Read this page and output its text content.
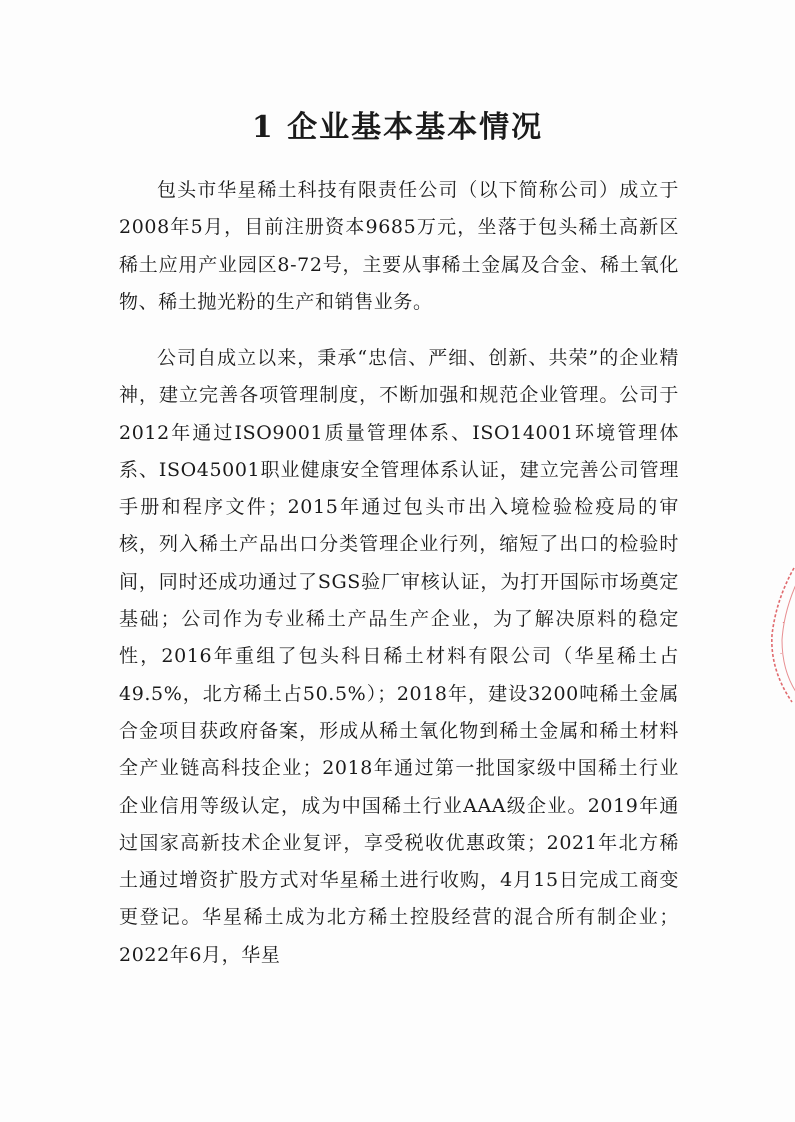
1 企业基本基本情况

包头市华星稀土科技有限责任公司（以下简称公司）成立于2008年5月，目前注册资本9685万元，坐落于包头稀土高新区稀土应用产业园区8-72号，主要从事稀土金属及合金、稀土氧化物、稀土抛光粉的生产和销售业务。

公司自成立以来，秉承“忠信、严细、创新、共荣”的企业精神，建立完善各项管理制度，不断加强和规范企业管理。公司于2012年通过ISO9001质量管理体系、ISO14001环境管理体系、ISO45001职业健康安全管理体系认证，建立完善公司管理手册和程序文件；2015年通过包头市出入境检验检疫局的审核，列入稀土产品出口分类管理企业行列，缩短了出口的检验时间，同时还成功通过了SGS验厂审核认证，为打开国际市场奠定基础；公司作为专业稀土产品生产企业，为了解决原料的稳定性，2016年重组了包头科日稀土材料有限公司（华星稀土占49.5%，北方稀土占50.5%）；2018年，建设3200吨稀土金属合金项目获政府备案，形成从稀土氧化物到稀土金属和稀土材料全产业链高科技企业；2018年通过第一批国家级中国稀土行业企业信用等级认定，成为中国稀土行业AAA级企业。2019年通过国家高新技术企业复评，享受税收优惠政策；2021年北方稀土通过增资扩股方式对华星稀土进行收购，4月15日完成工商变更登记。华星稀土成为北方稀土控股经营的混合所有制企业；2022年6月，华星

·
·
